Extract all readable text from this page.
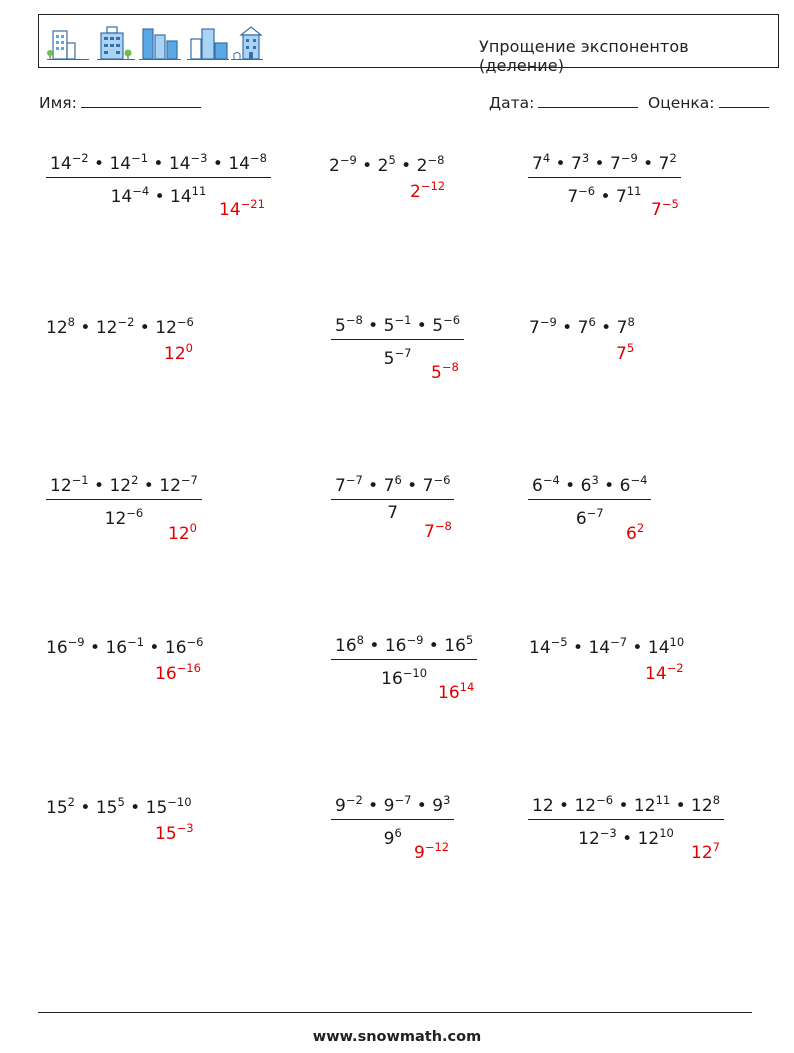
Упрощение экспонентов (деление)
Имя:	Дата:	Оценка:
$\frac{14^{-2} • 14^{-1} • 14^{-3} • 14^{-8}}{14^{-4} • 14^{11}}$
$14^{-21}$
$2^{-9}$ • $2^5$ • $2^{-8}$
$2^{-12}$	$\frac{7^4 • 7^3 • 7^{-9} • 7^2}{7^{-6} • 7^{11}}$
$7^{-5}$
$12^8$ • $12^{-2}$ • $12^{-6}$
$12^0$	$\frac{5^{-8} • 5^{-1} • 5^{-6}}{5^{-7}}$
$5^{-8}$
$7^{-9}$ • $7^6$ • $7^8$
$7^5$
$\frac{12^{-1} • 12^2 • 12^{-7}}{12^{-6}}$
$12^0$
$\frac{7^{-7} • 7^6 • 7^{-6}}{7}$
$7^{-8}$	$\frac{6^{-4} • 6^3 • 6^{-4}}{6^{-7}}$
$6^2$
$16^{-9}$ • $16^{-1}$ • $16^{-6}$
$16^{-16}$	$\frac{16^8 • 16^{-9} • 16^5}{16^{-10}}$
$16^{14}$
$14^{-5}$ • $14^{-7}$ • $14^{10}$
$14^{-2}$
$15^2$ • $15^5$ • $15^{-10}$
$15^{-3}$	$\frac{9^{-2} • 9^{-7} • 9^3}{9^6}$
$9^{-12}$	$\frac{12 • 12^{-6} • 12^{11} • 12^8}{12^{-3} • 12^{10}}$
$12^7$
www.snowmath.com
